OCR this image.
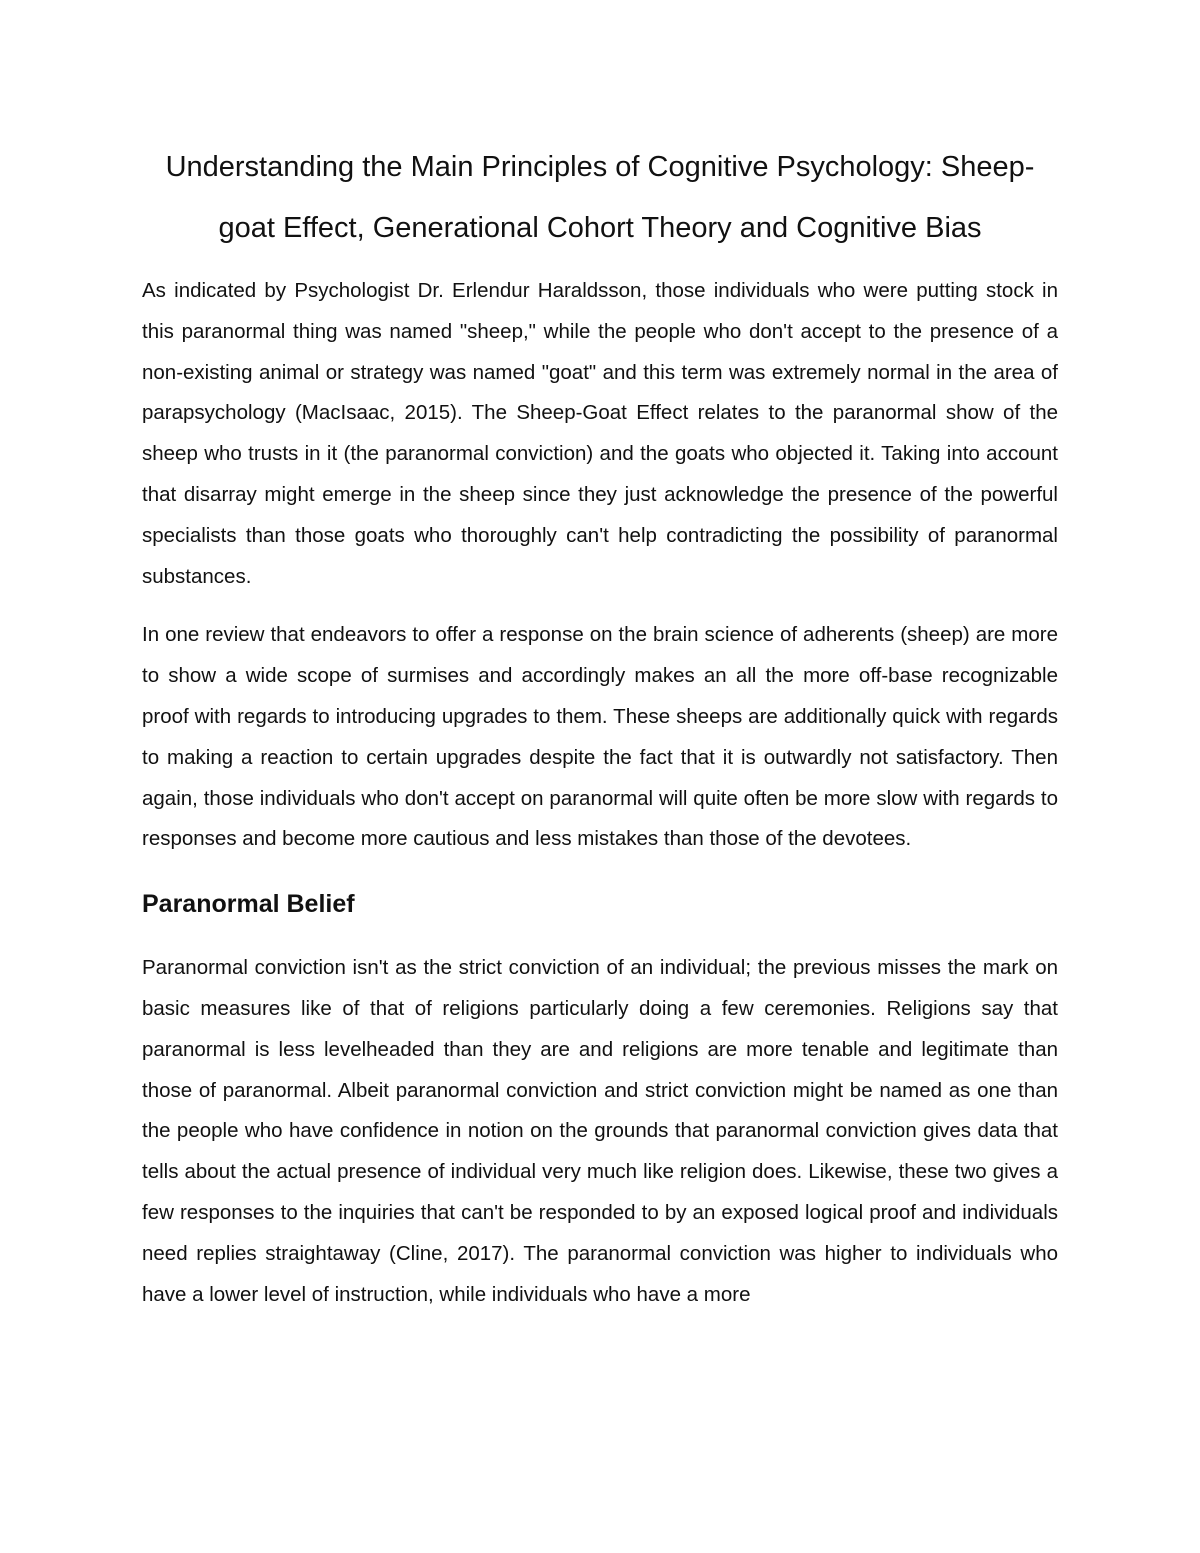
Understanding the Main Principles of Cognitive Psychology: Sheep-goat Effect, Generational Cohort Theory and Cognitive Bias

As indicated by Psychologist Dr. Erlendur Haraldsson, those individuals who were putting stock in this paranormal thing was named "sheep," while the people who don't accept to the presence of a non-existing animal or strategy was named "goat" and this term was extremely normal in the area of parapsychology (MacIsaac, 2015). The Sheep-Goat Effect relates to the paranormal show of the sheep who trusts in it (the paranormal conviction) and the goats who objected it. Taking into account that disarray might emerge in the sheep since they just acknowledge the presence of the powerful specialists than those goats who thoroughly can't help contradicting the possibility of paranormal substances.

In one review that endeavors to offer a response on the brain science of adherents (sheep) are more to show a wide scope of surmises and accordingly makes an all the more off-base recognizable proof with regards to introducing upgrades to them. These sheeps are additionally quick with regards to making a reaction to certain upgrades despite the fact that it is outwardly not satisfactory. Then again, those individuals who don't accept on paranormal will quite often be more slow with regards to responses and become more cautious and less mistakes than those of the devotees.

Paranormal Belief

Paranormal conviction isn't as the strict conviction of an individual; the previous misses the mark on basic measures like of that of religions particularly doing a few ceremonies. Religions say that paranormal is less levelheaded than they are and religions are more tenable and legitimate than those of paranormal. Albeit paranormal conviction and strict conviction might be named as one than the people who have confidence in notion on the grounds that paranormal conviction gives data that tells about the actual presence of individual very much like religion does. Likewise, these two gives a few responses to the inquiries that can't be responded to by an exposed logical proof and individuals need replies straightaway (Cline, 2017). The paranormal conviction was higher to individuals who have a lower level of instruction, while individuals who have a more
